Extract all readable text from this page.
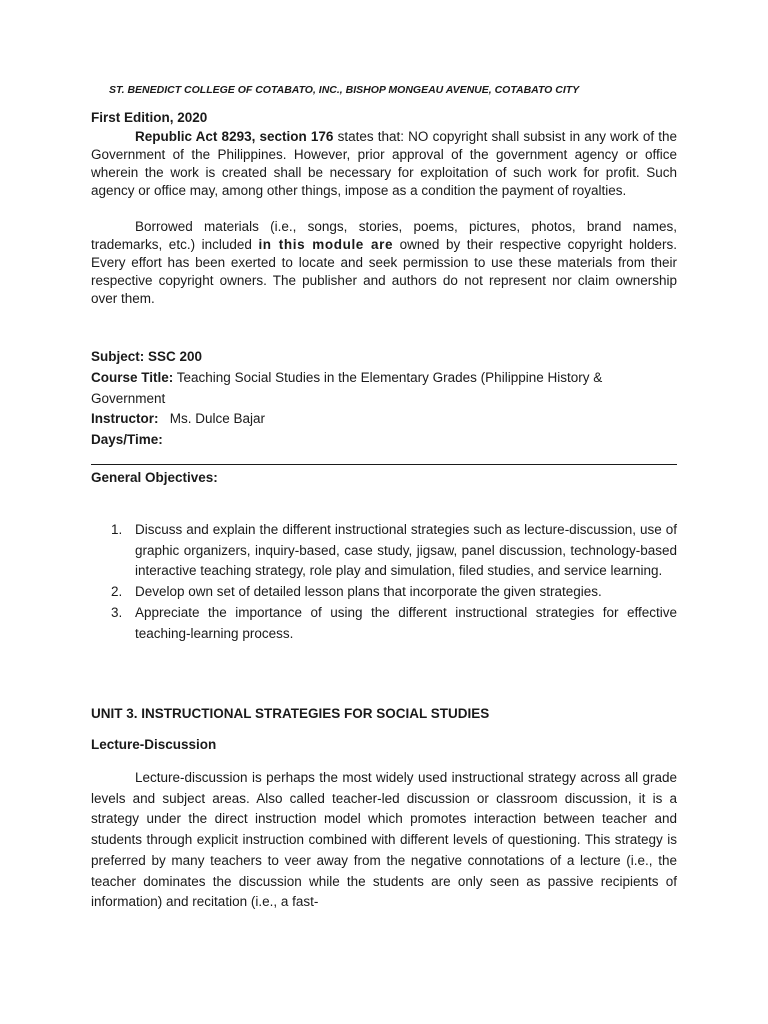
ST. BENEDICT COLLEGE OF COTABATO, INC., BISHOP MONGEAU AVENUE, COTABATO CITY
First Edition, 2020
Republic Act 8293, section 176 states that: NO copyright shall subsist in any work of the Government of the Philippines. However, prior approval of the government agency or office wherein the work is created shall be necessary for exploitation of such work for profit. Such agency or office may, among other things, impose as a condition the payment of royalties.
Borrowed materials (i.e., songs, stories, poems, pictures, photos, brand names, trademarks, etc.) included in this module are owned by their respective copyright holders. Every effort has been exerted to locate and seek permission to use these materials from their respective copyright owners. The publisher and authors do not represent nor claim ownership over them.
Subject: SSC 200
Course Title: Teaching Social Studies in the Elementary Grades (Philippine History & Government
Instructor:   Ms. Dulce Bajar
Days/Time:
General Objectives:
1. Discuss and explain the different instructional strategies such as lecture-discussion, use of graphic organizers, inquiry-based, case study, jigsaw, panel discussion, technology-based interactive teaching strategy, role play and simulation, filed studies, and service learning.
2. Develop own set of detailed lesson plans that incorporate the given strategies.
3. Appreciate the importance of using the different instructional strategies for effective teaching-learning process.
UNIT 3. INSTRUCTIONAL STRATEGIES FOR SOCIAL STUDIES
Lecture-Discussion
Lecture-discussion is perhaps the most widely used instructional strategy across all grade levels and subject areas. Also called teacher-led discussion or classroom discussion, it is a strategy under the direct instruction model which promotes interaction between teacher and students through explicit instruction combined with different levels of questioning. This strategy is preferred by many teachers to veer away from the negative connotations of a lecture (i.e., the teacher dominates the discussion while the students are only seen as passive recipients of information) and recitation (i.e., a fast-
